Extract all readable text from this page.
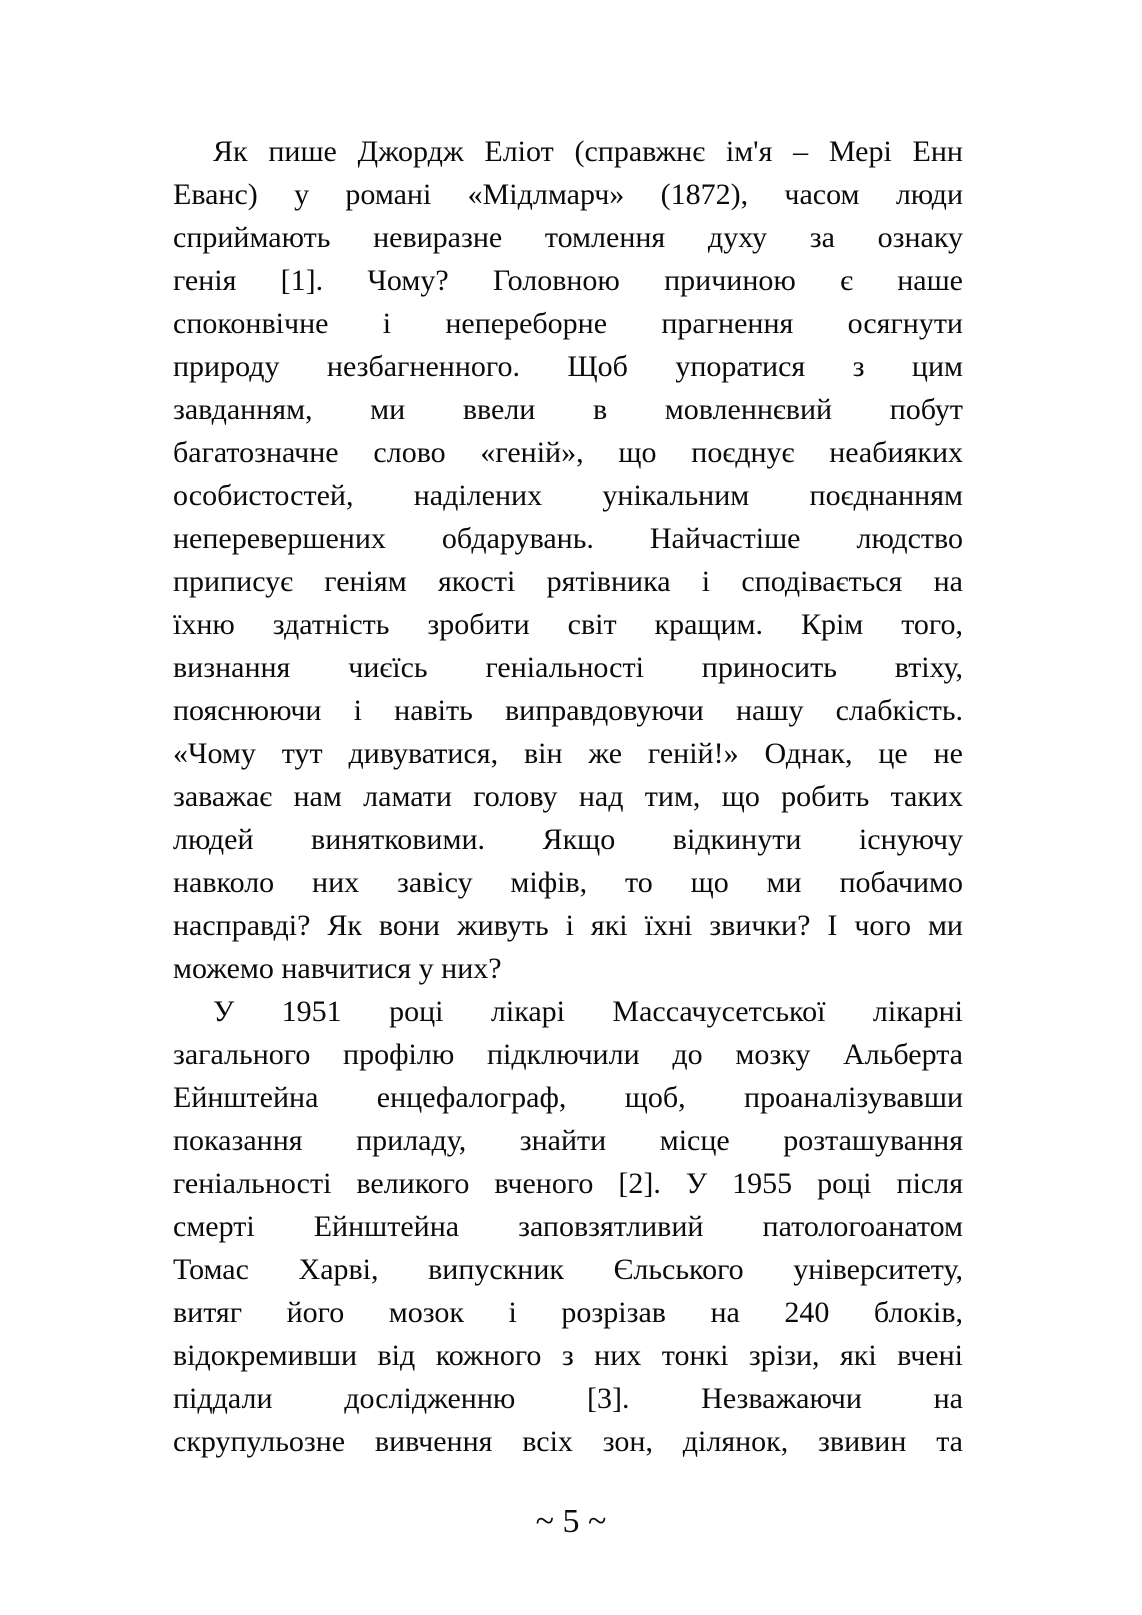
Як пише Джордж Еліот (справжнє ім'я – Мері Енн
Еванс) у романі «Мідлмарч» (1872), часом люди
сприймають невиразне томлення духу за ознаку
генія [1]. Чому? Головною причиною є наше
споконвічне і непереборне прагнення осягнути
природу незбагненного. Щоб упоратися з цим
завданням, ми ввели в мовленнєвий побут
багатозначне слово «геній», що поєднує неабияких
особистостей, наділених унікальним поєднанням
неперевершених обдарувань. Найчастіше людство
приписує геніям якості рятівника і сподівається на
їхню здатність зробити світ кращим. Крім того,
визнання чиєїсь геніальності приносить втіху,
пояснюючи і навіть виправдовуючи нашу слабкість.
«Чому тут дивуватися, він же геній!» Однак, це не
заважає нам ламати голову над тим, що робить таких
людей винятковими. Якщо відкинути існуючу
навколо них завісу міфів, то що ми побачимо
насправді? Як вони живуть і які їхні звички? І чого ми
можемо навчитися у них?
У 1951 році лікарі Массачусетської лікарні
загального профілю підключили до мозку Альберта
Ейнштейна енцефалограф, щоб, проаналізувавши
показання приладу, знайти місце розташування
геніальності великого вченого [2]. У 1955 році після
смерті Ейнштейна заповзятливий патологоанатом
Томас Харві, випускник Єльського університету,
витяг його мозок і розрізав на 240 блоків,
відокремивши від кожного з них тонкі зрізи, які вчені
піддали дослідженню [3]. Незважаючи на
скрупульозне вивчення всіх зон, ділянок, звивин та
~ 5 ~
